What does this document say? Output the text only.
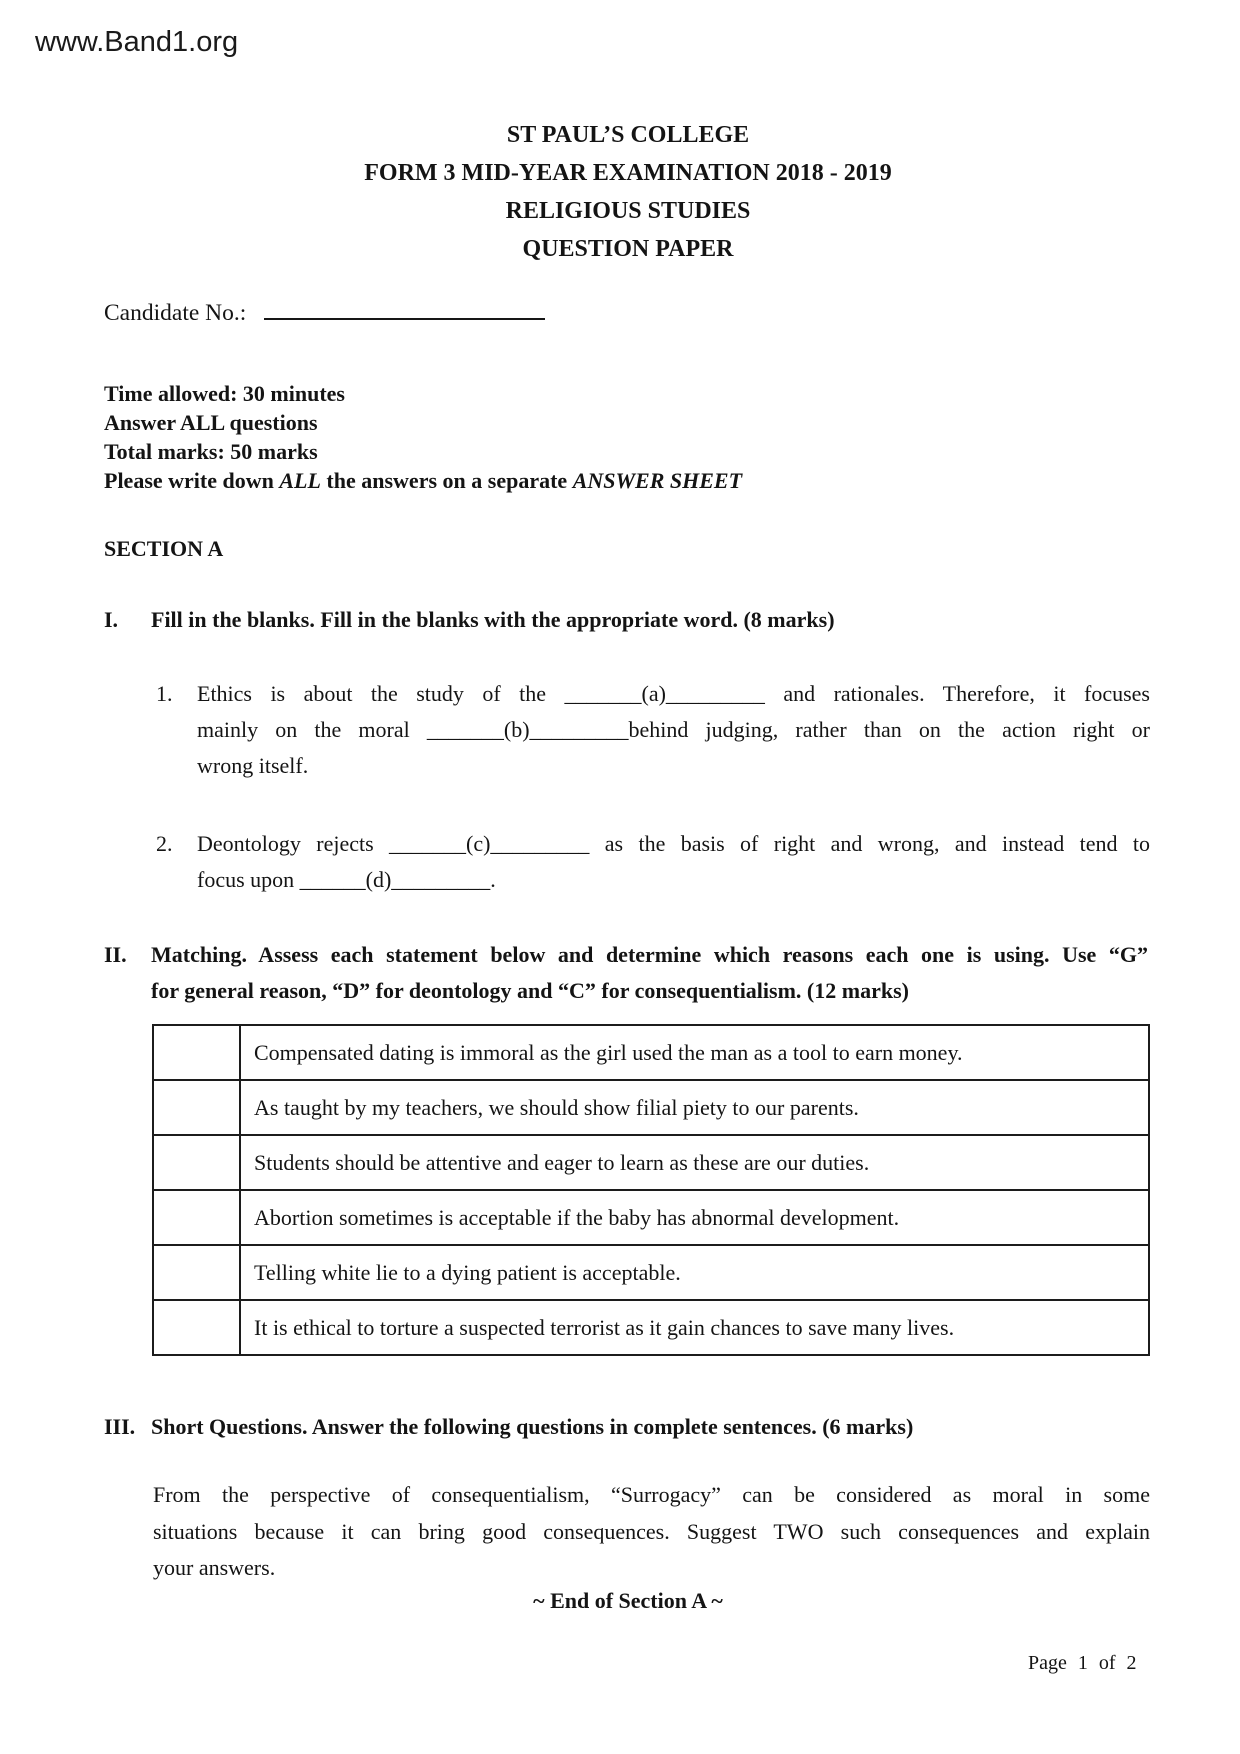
www.Band1.org
ST PAUL’S COLLEGE
FORM 3 MID-YEAR EXAMINATION 2018 - 2019
RELIGIOUS STUDIES
QUESTION PAPER
Candidate No.:
Time allowed: 30 minutes
Answer ALL questions
Total marks: 50 marks
Please write down ALL the answers on a separate ANSWER SHEET
SECTION A
I.	Fill in the blanks. Fill in the blanks with the appropriate word. (8 marks)
1.	Ethics is about the study of the _______(a)_________ and rationales. Therefore, it focuses
mainly on the moral _______(b)_________behind judging, rather than on the action right or
wrong itself.
2.	Deontology rejects _______(c)_________ as the basis of right and wrong, and instead tend to
focus upon ______(d)_________.
II.	Matching. Assess each statement below and determine which reasons each one is using. Use “G”
for general reason, “D” for deontology and “C” for consequentialism. (12 marks)
	Compensated dating is immoral as the girl used the man as a tool to earn money.
	As taught by my teachers, we should show filial piety to our parents.
	Students should be attentive and eager to learn as these are our duties.
	Abortion sometimes is acceptable if the baby has abnormal development.
	Telling white lie to a dying patient is acceptable.
	It is ethical to torture a suspected terrorist as it gain chances to save many lives.
III. Short Questions. Answer the following questions in complete sentences. (6 marks)
From the perspective of consequentialism, “Surrogacy” can be considered as moral in some
situations because it can bring good consequences. Suggest TWO such consequences and explain
your answers.
~ End of Section A ~
Page 1 of 2
